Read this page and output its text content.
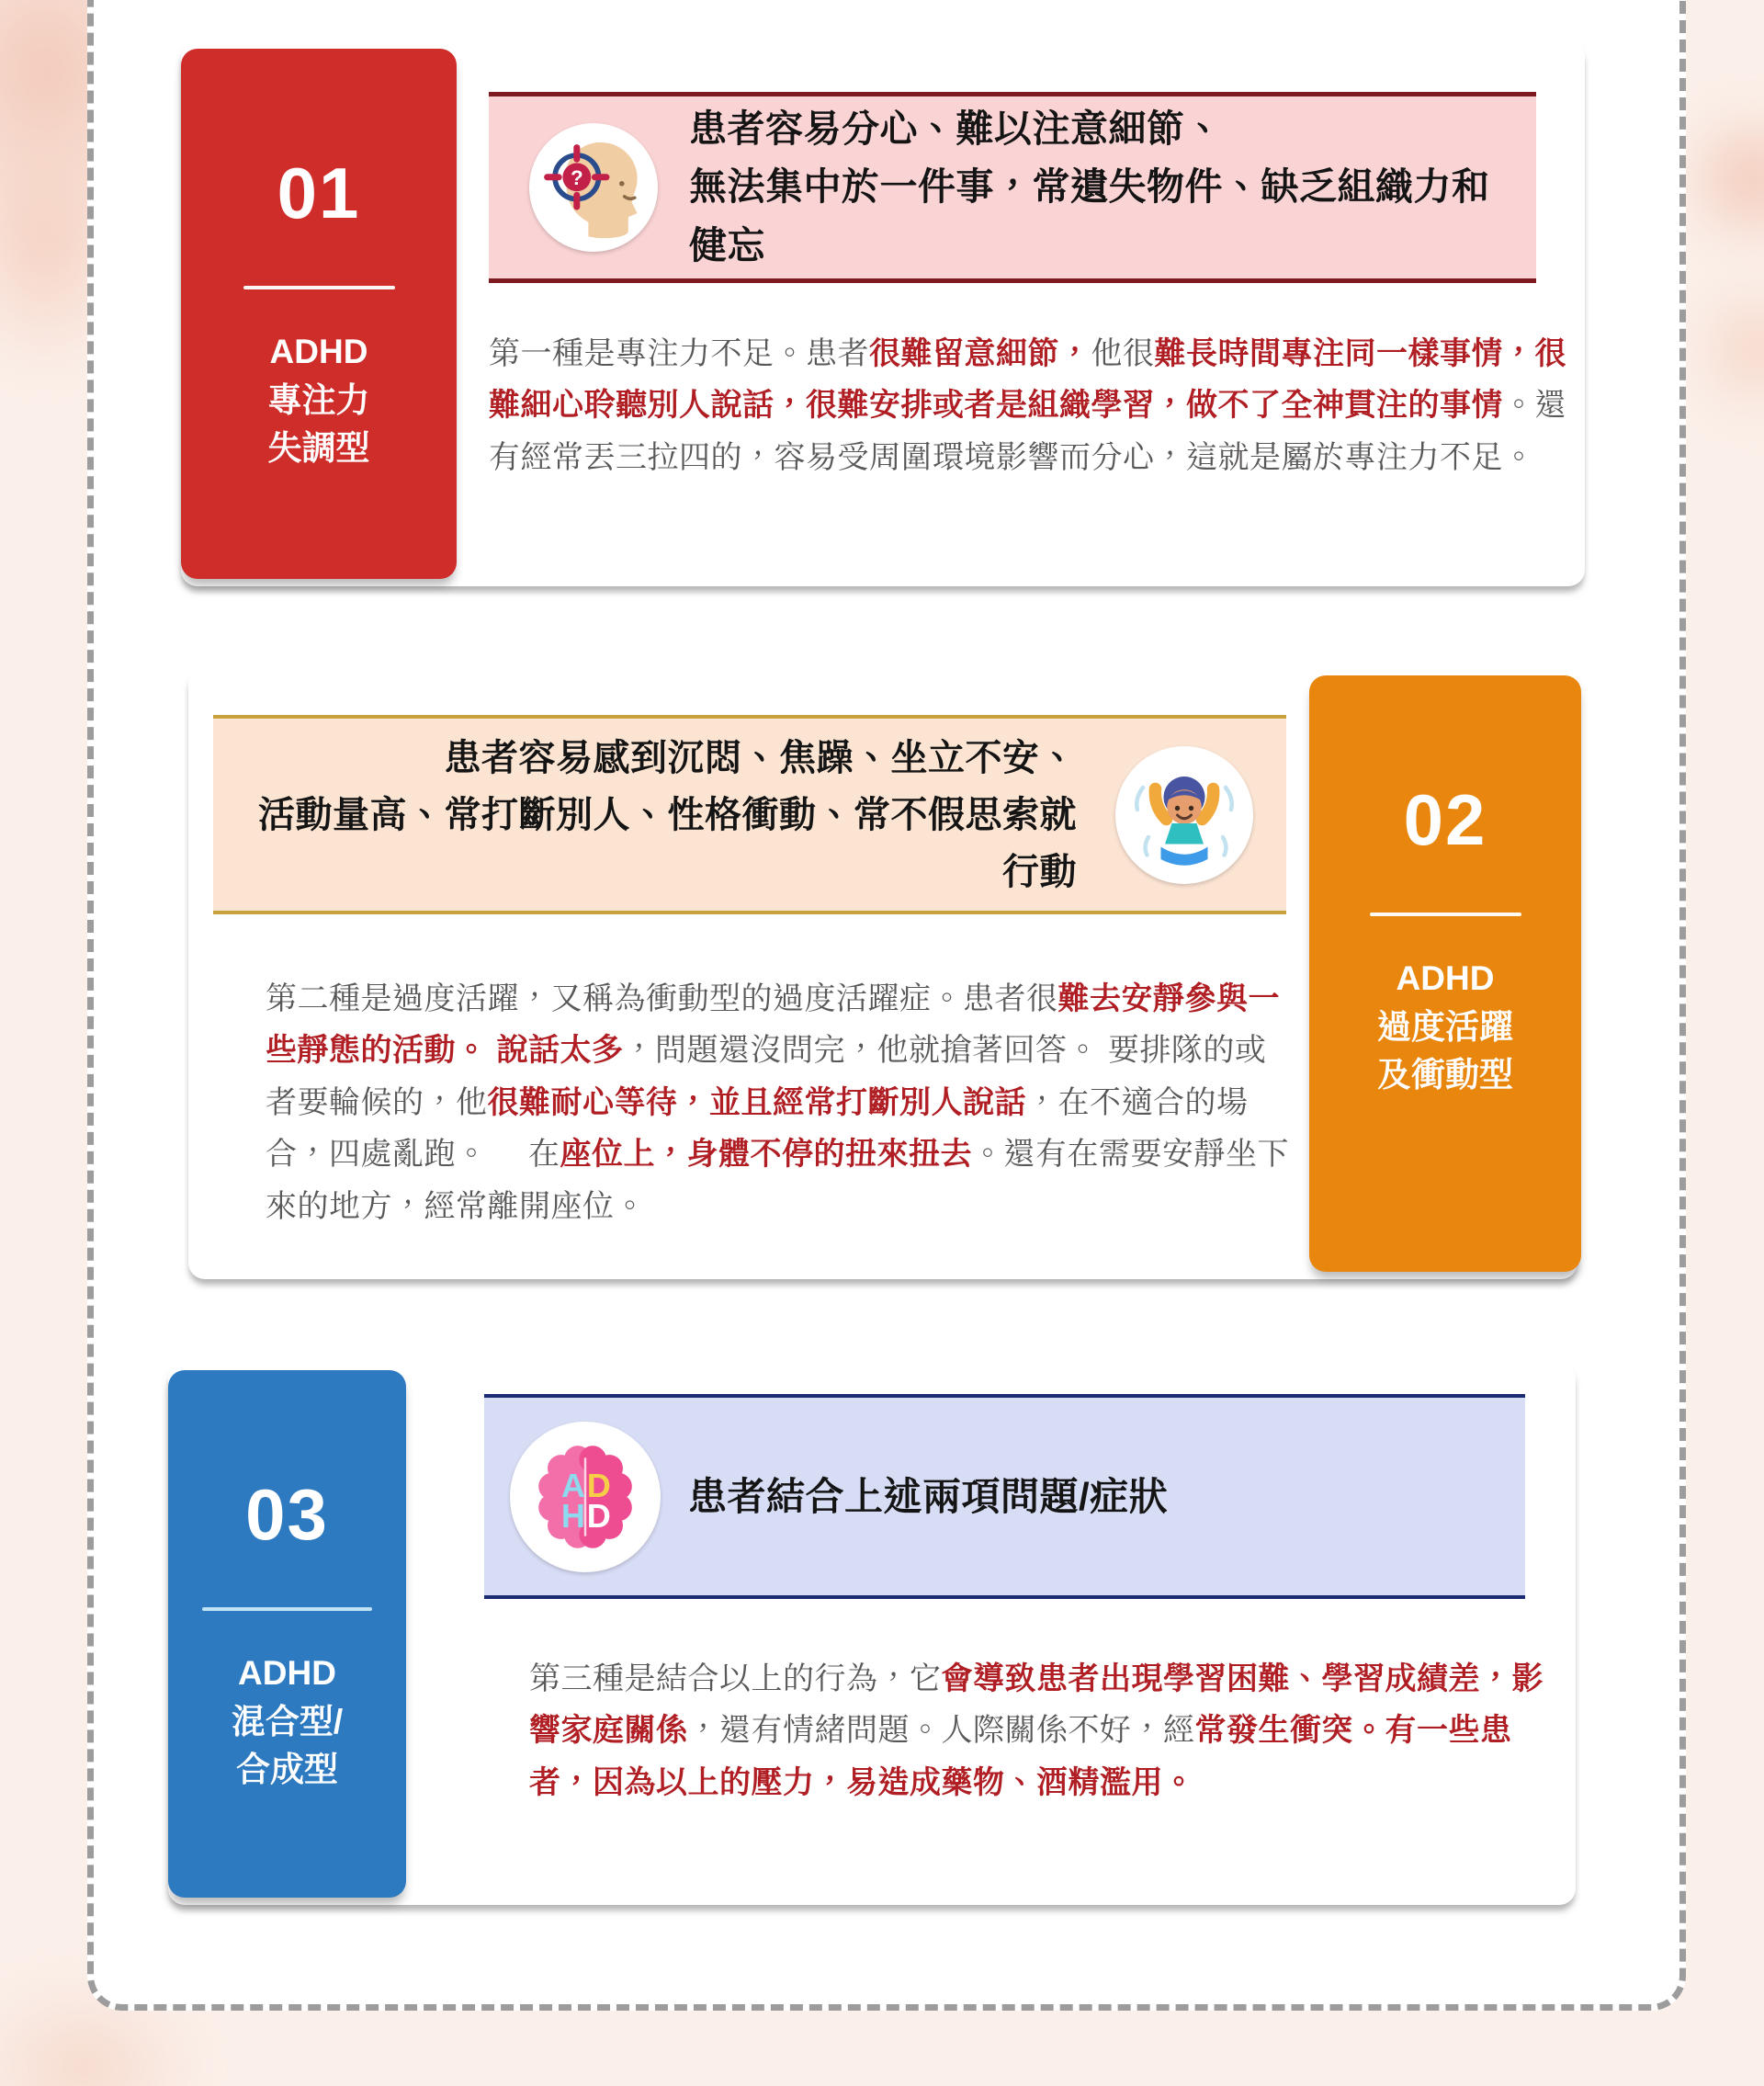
01
ADHD
專注力
失調型
?
患者容易分心、難以注意細節、
無法集中於一件事，常遺失物件、缺乏組織力和健忘

第一種是專注力不足。患者很難留意細節，他很難長時間專注同一樣事情，很難細心聆聽別人說話，很難安排或者是組織學習，做不了全神貫注的事情。還有經常丟三拉四的，容易受周圍環境影響而分心，這就是屬於專注力不足。

02
ADHD
過度活躍
及衝動型
患者容易感到沉悶、焦躁、坐立不安、
活動量高、常打斷別人、性格衝動、常不假思索就行動

第二種是過度活躍，又稱為衝動型的過度活躍症。患者很難去安靜參與一些靜態的活動。 說話太多，問題還沒問完，他就搶著回答。 要排隊的或者要輪候的，他很難耐心等待，並且經常打斷別人說話，在不適合的場合，四處亂跑。　 在座位上，身體不停的扭來扭去。還有在需要安靜坐下來的地方，經常離開座位。

03
ADHD
混合型/
合成型
A D
H D 患者結合上述兩項問題/症狀

第三種是結合以上的行為，它會導致患者出現學習困難、學習成績差，影響家庭關係，還有情緒問題。人際關係不好，經常發生衝突。有一些患者，因為以上的壓力，易造成藥物、酒精濫用。
